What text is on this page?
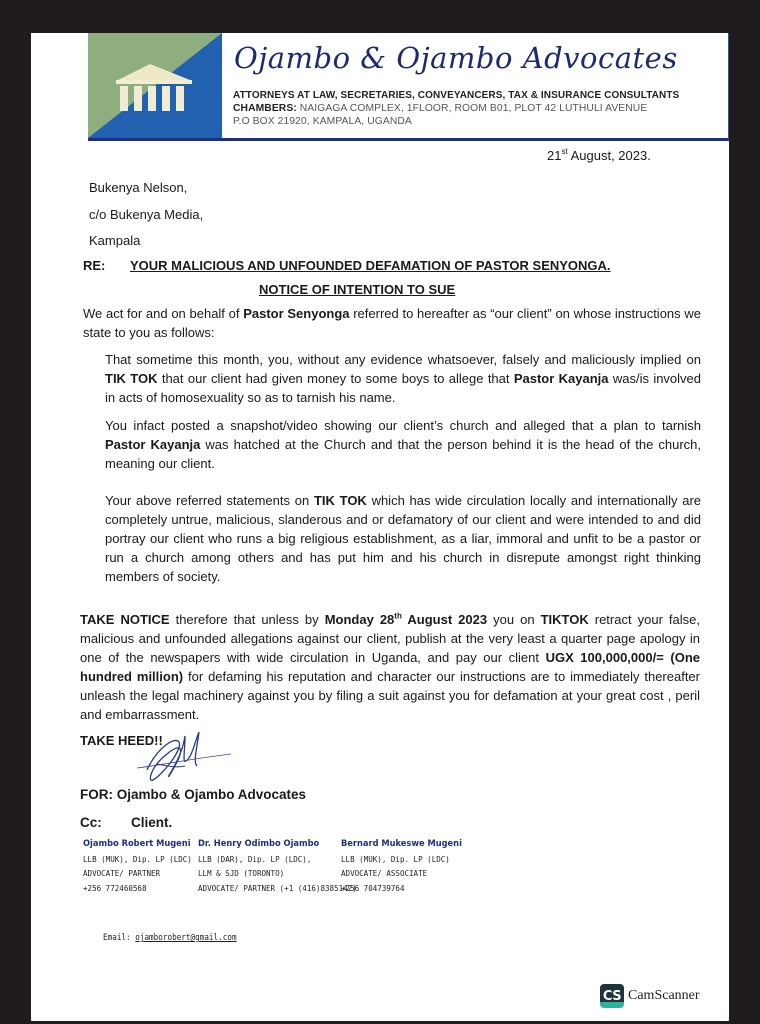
Ojambo & Ojambo Advocates
ATTORNEYS AT LAW, SECRETARIES, CONVEYANCERS, TAX & INSURANCE CONSULTANTS
CHAMBERS: NAIGAGA COMPLEX, 1FLOOR, ROOM B01, PLOT 42 LUTHULI AVENUE
P.O BOX 21920, KAMPALA, UGANDA
21st August, 2023.
Bukenya Nelson,
c/o Bukenya Media,
Kampala
RE: YOUR MALICIOUS AND UNFOUNDED DEFAMATION OF PASTOR SENYONGA.
NOTICE OF INTENTION TO SUE
We act for and on behalf of Pastor Senyonga referred to hereafter as “our client” on whose instructions we state to you as follows:
That sometime this month, you, without any evidence whatsoever, falsely and maliciously implied on TIK TOK that our client had given money to some boys to allege that Pastor Kayanja was/is involved in acts of homosexuality so as to tarnish his name.
You infact posted a snapshot/video showing our client’s church and alleged that a plan to tarnish Pastor Kayanja was hatched at the Church and that the person behind it is the head of the church, meaning our client.
Your above referred statements on TIK TOK which has wide circulation locally and internationally are completely untrue, malicious, slanderous and or defamatory of our client and were intended to and did portray our client who runs a big religious establishment, as a liar, immoral and unfit to be a pastor or run a church among others and has put him and his church in disrepute amongst right thinking members of society.
TAKE NOTICE therefore that unless by Monday 28th August 2023 you on TIKTOK retract your false, malicious and unfounded allegations against our client, publish at the very least a quarter page apology in one of the newspapers with wide circulation in Uganda, and pay our client UGX 100,000,000/= (One hundred million) for defaming his reputation and character our instructions are to immediately thereafter unleash the legal machinery against you by filing a suit against you for defamation at your great cost , peril and embarrassment.
TAKE HEED!!
FOR: Ojambo & Ojambo Advocates
Cc: Client.
Ojambo Robert Mugeni
LLB (MUK), Dip. LP (LDC)
ADVOCATE/ PARTNER
+256 772460568
Dr. Henry Odimbo Ojambo
LLB (DAR), Dip. LP (LDC),
LLM & SJD (TORONTO)
ADVOCATE/ PARTNER (+1 (416)8385142)
Bernard Mukeswe Mugeni
LLB (MUK), Dip. LP (LDC)
ADVOCATE/ ASSOCIATE
+256 704739764
Email: ojamborobert@gmail.com
CS CamScanner
